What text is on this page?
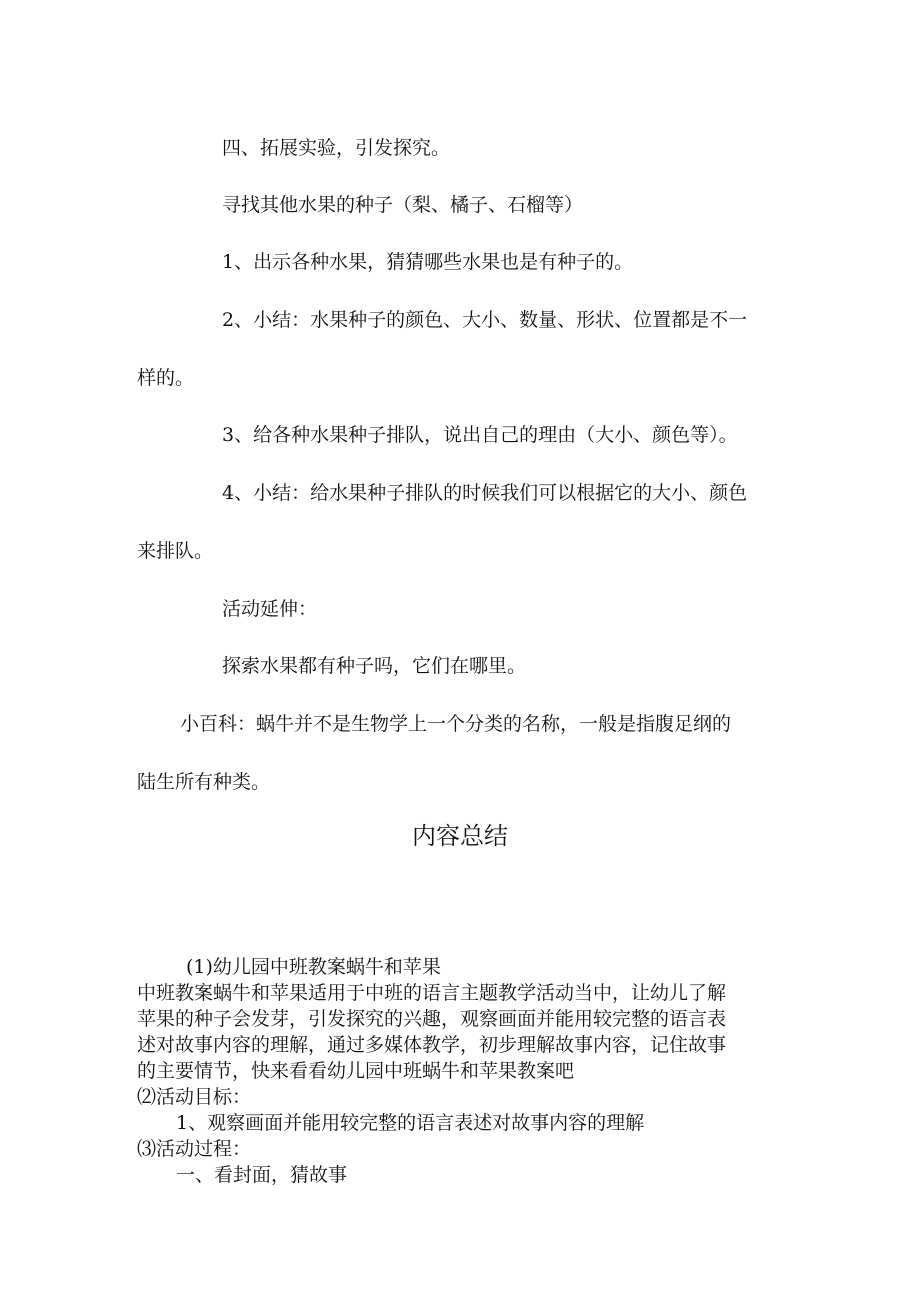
四、拓展实验，引发探究。

寻找其他水果的种子（梨、橘子、石榴等）

1、出示各种水果，猜猜哪些水果也是有种子的。

2、小结：水果种子的颜色、大小、数量、形状、位置都是不一

样的。

3、给各种水果种子排队，说出自己的理由（大小、颜色等）。

4、小结：给水果种子排队的时候我们可以根据它的大小、颜色

来排队。

活动延伸：

探索水果都有种子吗，它们在哪里。

小百科：蜗牛并不是生物学上一个分类的名称，一般是指腹足纲的

陆生所有种类。

内容总结

(1)幼儿园中班教案蜗牛和苹果

中班教案蜗牛和苹果适用于中班的语言主题教学活动当中，让幼儿了解

苹果的种子会发芽，引发探究的兴趣，观察画面并能用较完整的语言表

述对故事内容的理解，通过多媒体教学，初步理解故事内容，记住故事

的主要情节，快来看看幼儿园中班蜗牛和苹果教案吧

⑵活动目标：

1、观察画面并能用较完整的语言表述对故事内容的理解

⑶活动过程：

一、看封面，猜故事
